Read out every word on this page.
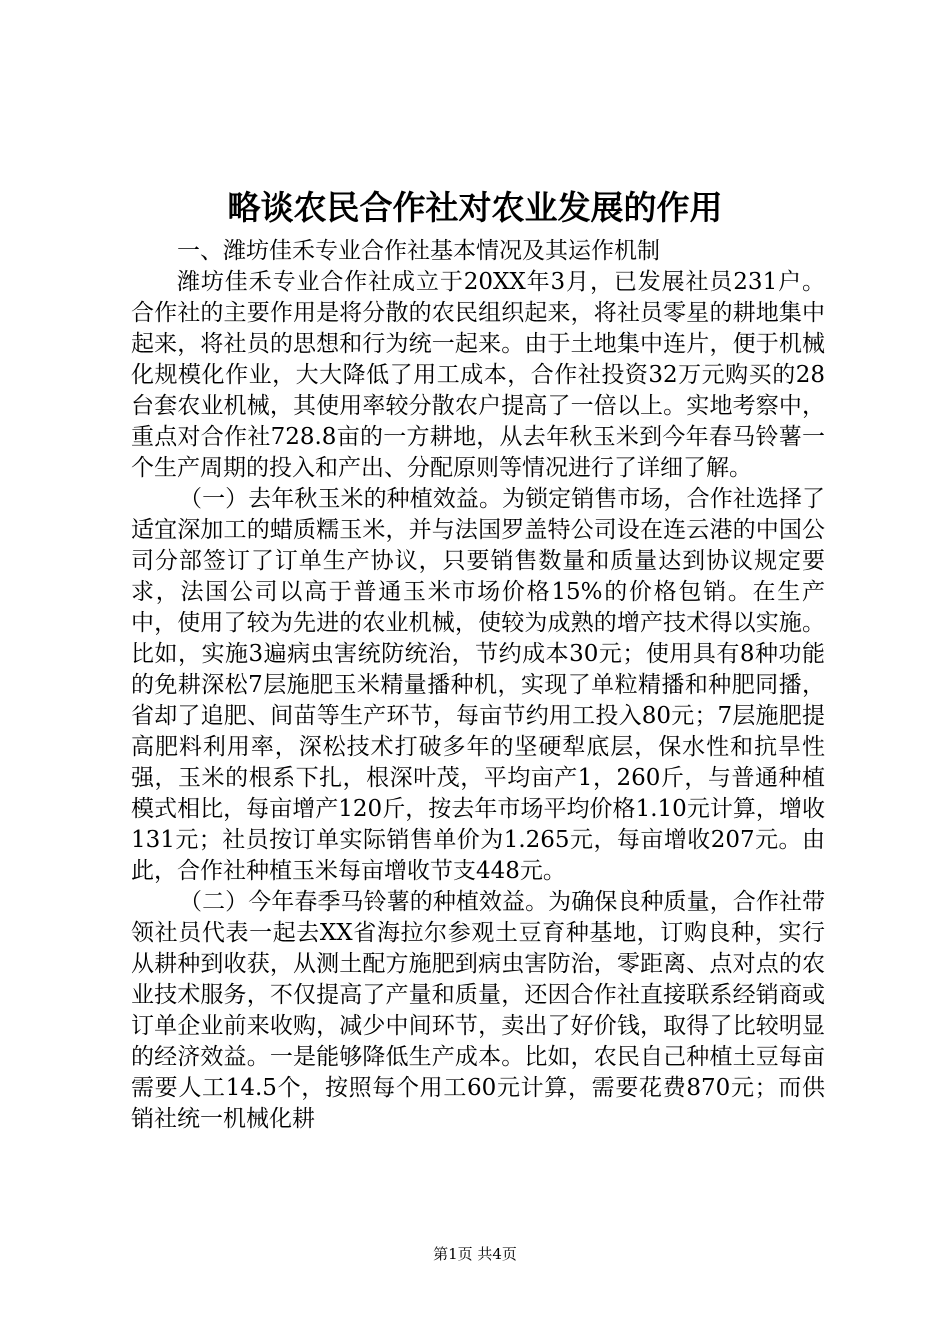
略谈农民合作社对农业发展的作用

一、潍坊佳禾专业合作社基本情况及其运作机制

潍坊佳禾专业合作社成立于20XX年3月，已发展社员231户。合作社的主要作用是将分散的农民组织起来，将社员零星的耕地集中起来，将社员的思想和行为统一起来。由于土地集中连片，便于机械化规模化作业，大大降低了用工成本，合作社投资32万元购买的28台套农业机械，其使用率较分散农户提高了一倍以上。实地考察中，重点对合作社728.8亩的一方耕地，从去年秋玉米到今年春马铃薯一个生产周期的投入和产出、分配原则等情况进行了详细了解。

（一）去年秋玉米的种植效益。为锁定销售市场，合作社选择了适宜深加工的蜡质糯玉米，并与法国罗盖特公司设在连云港的中国公司分部签订了订单生产协议，只要销售数量和质量达到协议规定要求，法国公司以高于普通玉米市场价格15%的价格包销。在生产中，使用了较为先进的农业机械，使较为成熟的增产技术得以实施。比如，实施3遍病虫害统防统治，节约成本30元；使用具有8种功能的免耕深松7层施肥玉米精量播种机，实现了单粒精播和种肥同播，省却了追肥、间苗等生产环节，每亩节约用工投入80元；7层施肥提高肥料利用率，深松技术打破多年的坚硬犁底层，保水性和抗旱性强，玉米的根系下扎，根深叶茂，平均亩产1，260斤，与普通种植模式相比，每亩增产120斤，按去年市场平均价格1.10元计算，增收131元；社员按订单实际销售单价为1.265元，每亩增收207元。由此，合作社种植玉米每亩增收节支448元。

（二）今年春季马铃薯的种植效益。为确保良种质量，合作社带领社员代表一起去XX省海拉尔参观土豆育种基地，订购良种，实行从耕种到收获，从测土配方施肥到病虫害防治，零距离、点对点的农业技术服务，不仅提高了产量和质量，还因合作社直接联系经销商或订单企业前来收购，减少中间环节，卖出了好价钱，取得了比较明显的经济效益。一是能够降低生产成本。比如，农民自己种植土豆每亩需要人工14.5个，按照每个用工60元计算，需要花费870元；而供销社统一机械化耕

第1页 共4页
